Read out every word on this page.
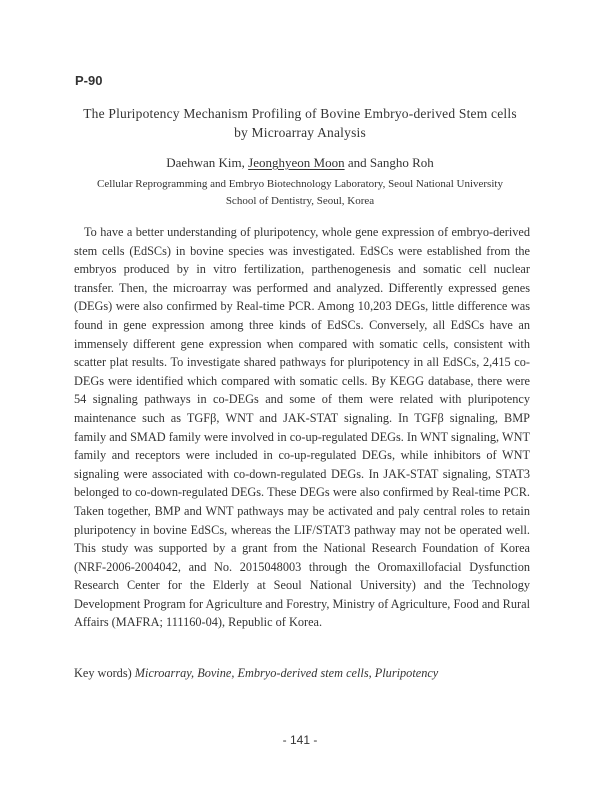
P-90
The Pluripotency Mechanism Profiling of Bovine Embryo-derived Stem cells
by Microarray Analysis
Daehwan Kim, Jeonghyeon Moon and Sangho Roh
Cellular Reprogramming and Embryo Biotechnology Laboratory, Seoul National University
School of Dentistry, Seoul, Korea

To have a better understanding of pluripotency, whole gene expression of embryo-derived stem cells (EdSCs) in bovine species was investigated. EdSCs were established from the embryos produced by in vitro fertilization, parthenogenesis and somatic cell nuclear transfer. Then, the microarray was performed and analyzed. Differently expressed genes (DEGs) were also confirmed by Real-time PCR. Among 10,203 DEGs, little difference was found in gene expression among three kinds of EdSCs. Conversely, all EdSCs have an immensely different gene expression when compared with somatic cells, consistent with scatter plat results. To investigate shared pathways for pluripotency in all EdSCs, 2,415 co-DEGs were identified which compared with somatic cells. By KEGG database, there were 54 signaling pathways in co-DEGs and some of them were related with pluripotency maintenance such as TGFβ, WNT and JAK-STAT signaling. In TGFβ signaling, BMP family and SMAD family were involved in co-up-regulated DEGs. In WNT signaling, WNT family and receptors were included in co-up-regulated DEGs, while inhibitors of WNT signaling were associated with co-down-regulated DEGs. In JAK-STAT signaling, STAT3 belonged to co-down-regulated DEGs. These DEGs were also confirmed by Real-time PCR. Taken together, BMP and WNT pathways may be activated and paly central roles to retain pluripotency in bovine EdSCs, whereas the LIF/STAT3 pathway may not be operated well. This study was supported by a grant from the National Research Foundation of Korea (NRF-2006-2004042, and No. 2015048003 through the Oromaxillofacial Dysfunction Research Center for the Elderly at Seoul National University) and the Technology Development Program for Agriculture and Forestry, Ministry of Agriculture, Food and Rural Affairs (MAFRA; 111160-04), Republic of Korea.

Key words) Microarray, Bovine, Embryo-derived stem cells, Pluripotency
- 141 -
